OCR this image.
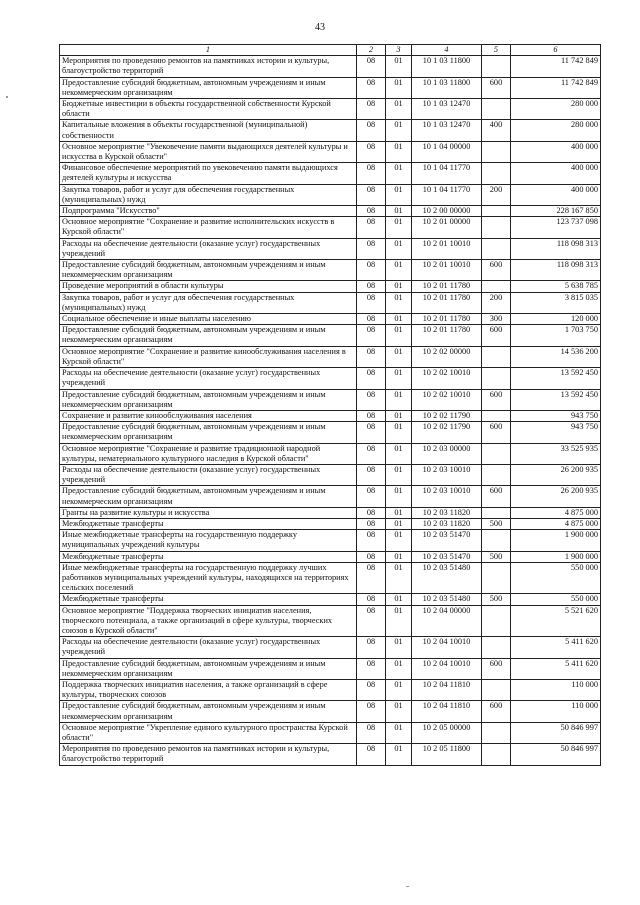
43
1	2	3	4	5	6
Мероприятия по проведению ремонтов на памятниках истории и культуры, благоустройство территорий	08	01	10 1 03 11800		11 742 849
Предоставление субсидий бюджетным, автономным учреждениям и иным некоммерческим организациям	08	01	10 1 03 11800	600	11 742 849
Бюджетные инвестиции в объекты государственной собственности Курской области	08	01	10 1 03 12470		280 000
Капитальные вложения в объекты государственной (муниципальной) собственности	08	01	10 1 03 12470	400	280 000
Основное мероприятие "Увековечение памяти выдающихся деятелей культуры и искусства в Курской области"	08	01	10 1 04 00000		400 000
Финансовое обеспечение мероприятий по увековечению памяти выдающихся деятелей культуры и искусства	08	01	10 1 04 11770		400 000
Закупка товаров, работ и услуг для обеспечения государственных (муниципальных) нужд	08	01	10 1 04 11770	200	400 000
Подпрограмма "Искусство"	08	01	10 2 00 00000		228 167 850
Основное мероприятие "Сохранение и развитие исполнительских искусств в Курской области"	08	01	10 2 01 00000		123 737 098
Расходы на обеспечение деятельности (оказание услуг) государственных учреждений	08	01	10 2 01 10010		118 098 313
Предоставление субсидий бюджетным, автономным учреждениям и иным некоммерческим организациям	08	01	10 2 01 10010	600	118 098 313
Проведение мероприятий в области культуры	08	01	10 2 01 11780		5 638 785
Закупка товаров, работ и услуг для обеспечения государственных (муниципальных) нужд	08	01	10 2 01 11780	200	3 815 035
Социальное обеспечение и иные выплаты населению	08	01	10 2 01 11780	300	120 000
Предоставление субсидий бюджетным, автономным учреждениям и иным некоммерческим организациям	08	01	10 2 01 11780	600	1 703 750
Основное мероприятие "Сохранение и развитие кинообслуживания населения в Курской области"	08	01	10 2 02 00000		14 536 200
Расходы на обеспечение деятельности (оказание услуг) государственных учреждений	08	01	10 2 02 10010		13 592 450
Предоставление субсидий бюджетным, автономным учреждениям и иным некоммерческим организациям	08	01	10 2 02 10010	600	13 592 450
Сохранение и развитие кинообслуживания населения	08	01	10 2 02 11790		943 750
Предоставление субсидий бюджетным, автономным учреждениям и иным некоммерческим организациям	08	01	10 2 02 11790	600	943 750
Основное мероприятие "Сохранение и развитие традиционной народной культуры, нематериального культурного наследия в Курской области"	08	01	10 2 03 00000		33 525 935
Расходы на обеспечение деятельности (оказание услуг) государственных учреждений	08	01	10 2 03 10010		26 200 935
Предоставление субсидий бюджетным, автономным учреждениям и иным некоммерческим организациям	08	01	10 2 03 10010	600	26 200 935
Гранты на развитие культуры и искусства	08	01	10 2 03 11820		4 875 000
Межбюджетные трансферты	08	01	10 2 03 11820	500	4 875 000
Иные межбюджетные трансферты на государственную поддержку муниципальных учреждений культуры	08	01	10 2 03 51470		1 900 000
Межбюджетные трансферты	08	01	10 2 03 51470	500	1 900 000
Иные межбюджетные трансферты на государственную поддержку лучших работников муниципальных учреждений культуры, находящихся на территориях сельских поселений	08	01	10 2 03 51480		550 000
Межбюджетные трансферты	08	01	10 2 03 51480	500	550 000
Основное мероприятие "Поддержка творческих инициатив населения, творческого потенциала, а также организаций в сфере культуры, творческих союзов в Курской области"	08	01	10 2 04 00000		5 521 620
Расходы на обеспечение деятельности (оказание услуг) государственных учреждений	08	01	10 2 04 10010		5 411 620
Предоставление субсидий бюджетным, автономным учреждениям и иным некоммерческим организациям	08	01	10 2 04 10010	600	5 411 620
Поддержка творческих инициатив населения, а также организаций в сфере культуры, творческих союзов	08	01	10 2 04 11810		110 000
Предоставление субсидий бюджетным, автономным учреждениям и иным некоммерческим организациям	08	01	10 2 04 11810	600	110 000
Основное мероприятие "Укрепление единого культурного пространства Курской области"	08	01	10 2 05 00000		50 846 997
Мероприятия по проведению ремонтов на памятниках истории и культуры, благоустройство территорий	08	01	10 2 05 11800		50 846 997
